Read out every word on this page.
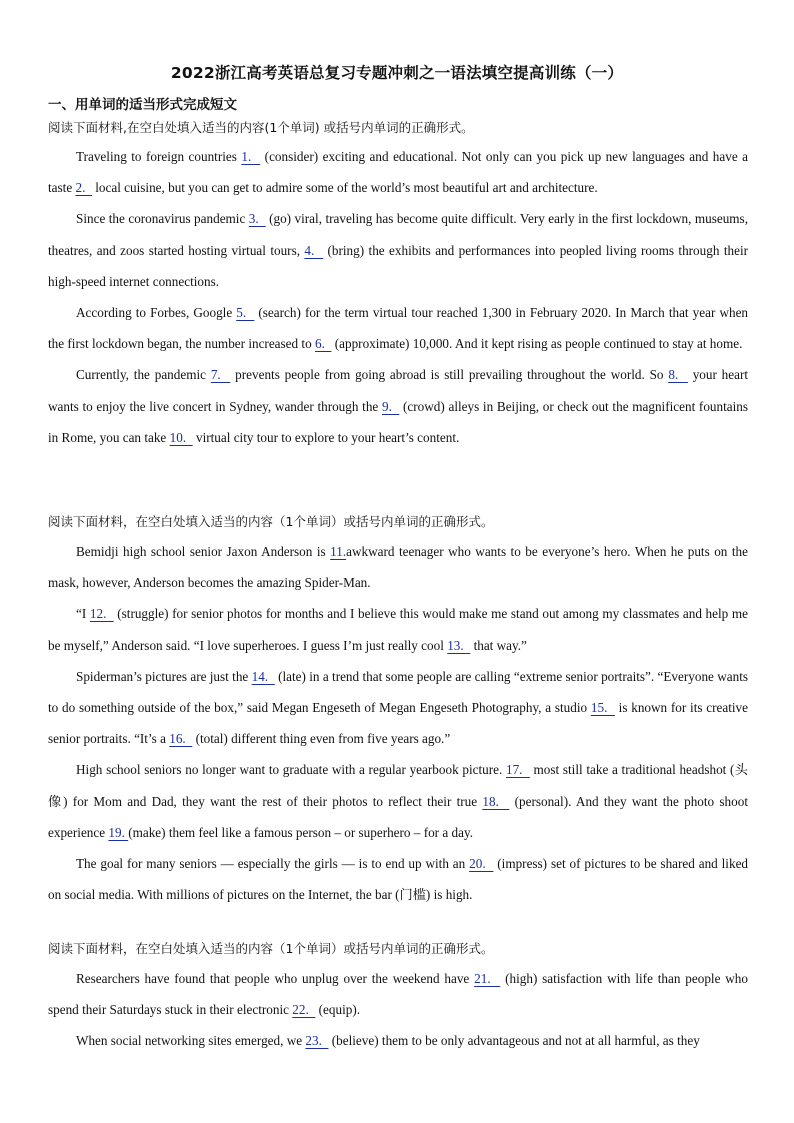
2022浙江高考英语总复习专题冲刺之一语法填空提高训练（一）
一、用单词的适当形式完成短文
阅读下面材料,在空白处填入适当的内容(1个单词) 或括号内单词的正确形式。

Traveling to foreign countries 1.   (consider) exciting and educational. Not only can you pick up new languages and have a taste 2.   local cuisine, but you can get to admire some of the world’s most beautiful art and architecture.

Since the coronavirus pandemic 3.   (go) viral, traveling has become quite difficult. Very early in the first lockdown, museums, theatres, and zoos started hosting virtual tours, 4.   (bring) the exhibits and performances into peopled living rooms through their high-speed internet connections.

According to Forbes, Google 5.   (search) for the term virtual tour reached 1,300 in February 2020. In March that year when the first lockdown began, the number increased to 6.   (approximate) 10,000. And it kept rising as people continued to stay at home.

Currently, the pandemic 7.   prevents people from going abroad is still prevailing throughout the world. So 8.   your heart wants to enjoy the live concert in Sydney, wander through the 9.   (crowd) alleys in Beijing, or check out the magnificent fountains in Rome, you can take 10.   virtual city tour to explore to your heart’s content.

阅读下面材料，在空白处填入适当的内容（1个单词）或括号内单词的正确形式。

Bemidji high school senior Jaxon Anderson is 11.awkward teenager who wants to be everyone’s hero. When he puts on the mask, however, Anderson becomes the amazing Spider-Man.

“I 12.   (struggle) for senior photos for months and I believe this would make me stand out among my classmates and help me be myself,” Anderson said. “I love superheroes. I guess I’m just really cool 13.   that way.”

Spiderman’s pictures are just the 14.   (late) in a trend that some people are calling “extreme senior portraits”. “Everyone wants to do something outside of the box,” said Megan Engeseth of Megan Engeseth Photography, a studio 15.   is known for its creative senior portraits. “It’s a 16.   (total) different thing even from five years ago.”

High school seniors no longer want to graduate with a regular yearbook picture. 17.   most still take a traditional headshot (头像) for Mom and Dad, they want the rest of their photos to reflect their true 18.   (personal). And they want the photo shoot experience 19. (make) them feel like a famous person – or superhero – for a day.

The goal for many seniors — especially the girls — is to end up with an 20.   (impress) set of pictures to be shared and liked on social media. With millions of pictures on the Internet, the bar (门槛) is high.

阅读下面材料，在空白处填入适当的内容（1个单词）或括号内单词的正确形式。

Researchers have found that people who unplug over the weekend have 21.   (high) satisfaction with life than people who spend their Saturdays stuck in their electronic 22.   (equip).

When social networking sites emerged, we 23.   (believe) them to be only advantageous and not at all harmful, as they
